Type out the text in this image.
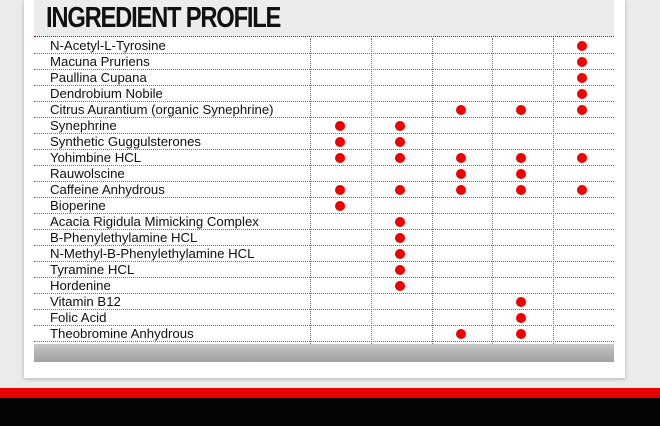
INGREDIENT PROFILE
N-Acetyl-L-Tyrosine
Macuna Pruriens
Paullina Cupana
Dendrobium Nobile
Citrus Aurantium (organic Synephrine)
Synephrine
Synthetic Guggulsterones
Yohimbine HCL
Rauwolscine
Caffeine Anhydrous
Bioperine
Acacia Rigidula Mimicking Complex
B-Phenylethylamine HCL
N-Methyl-B-Phenylethylamine HCL
Tyramine HCL
Hordenine
Vitamin B12
Folic Acid
Theobromine Anhydrous
